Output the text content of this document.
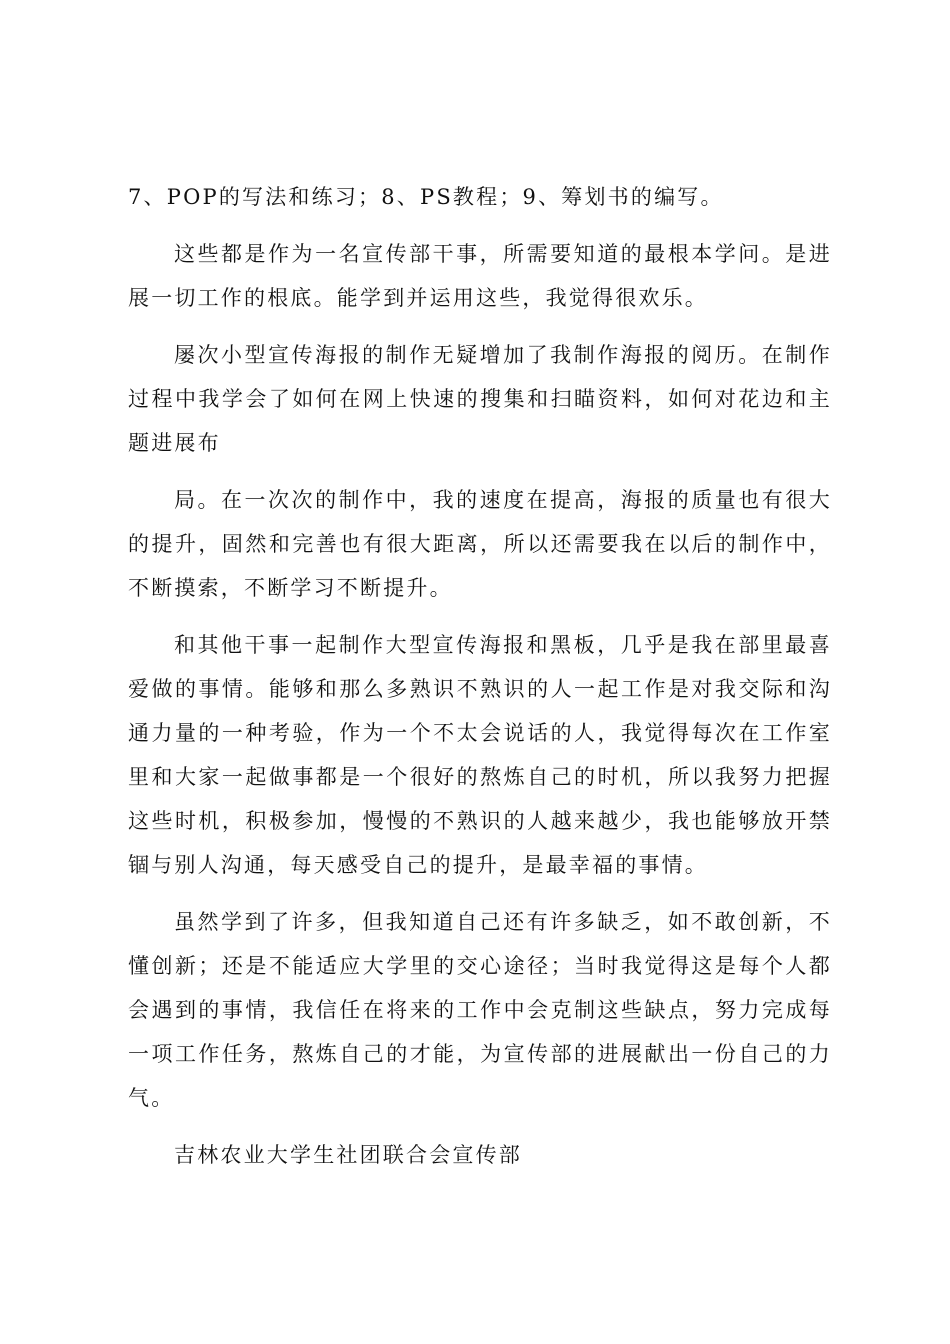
7、POP的写法和练习；8、PS教程；9、筹划书的编写。

这些都是作为一名宣传部干事，所需要知道的最根本学问。是进展一切工作的根底。能学到并运用这些，我觉得很欢乐。

屡次小型宣传海报的制作无疑增加了我制作海报的阅历。在制作过程中我学会了如何在网上快速的搜集和扫瞄资料，如何对花边和主题进展布

局。在一次次的制作中，我的速度在提高，海报的质量也有很大的提升，固然和完善也有很大距离，所以还需要我在以后的制作中，不断摸索，不断学习不断提升。

和其他干事一起制作大型宣传海报和黑板，几乎是我在部里最喜爱做的事情。能够和那么多熟识不熟识的人一起工作是对我交际和沟通力量的一种考验，作为一个不太会说话的人，我觉得每次在工作室里和大家一起做事都是一个很好的熬炼自己的时机，所以我努力把握这些时机，积极参加，慢慢的不熟识的人越来越少，我也能够放开禁锢与别人沟通，每天感受自己的提升，是最幸福的事情。

虽然学到了许多，但我知道自己还有许多缺乏，如不敢创新，不懂创新；还是不能适应大学里的交心途径；当时我觉得这是每个人都会遇到的事情，我信任在将来的工作中会克制这些缺点，努力完成每一项工作任务，熬炼自己的才能，为宣传部的进展献出一份自己的力气。

吉林农业大学生社团联合会宣传部
